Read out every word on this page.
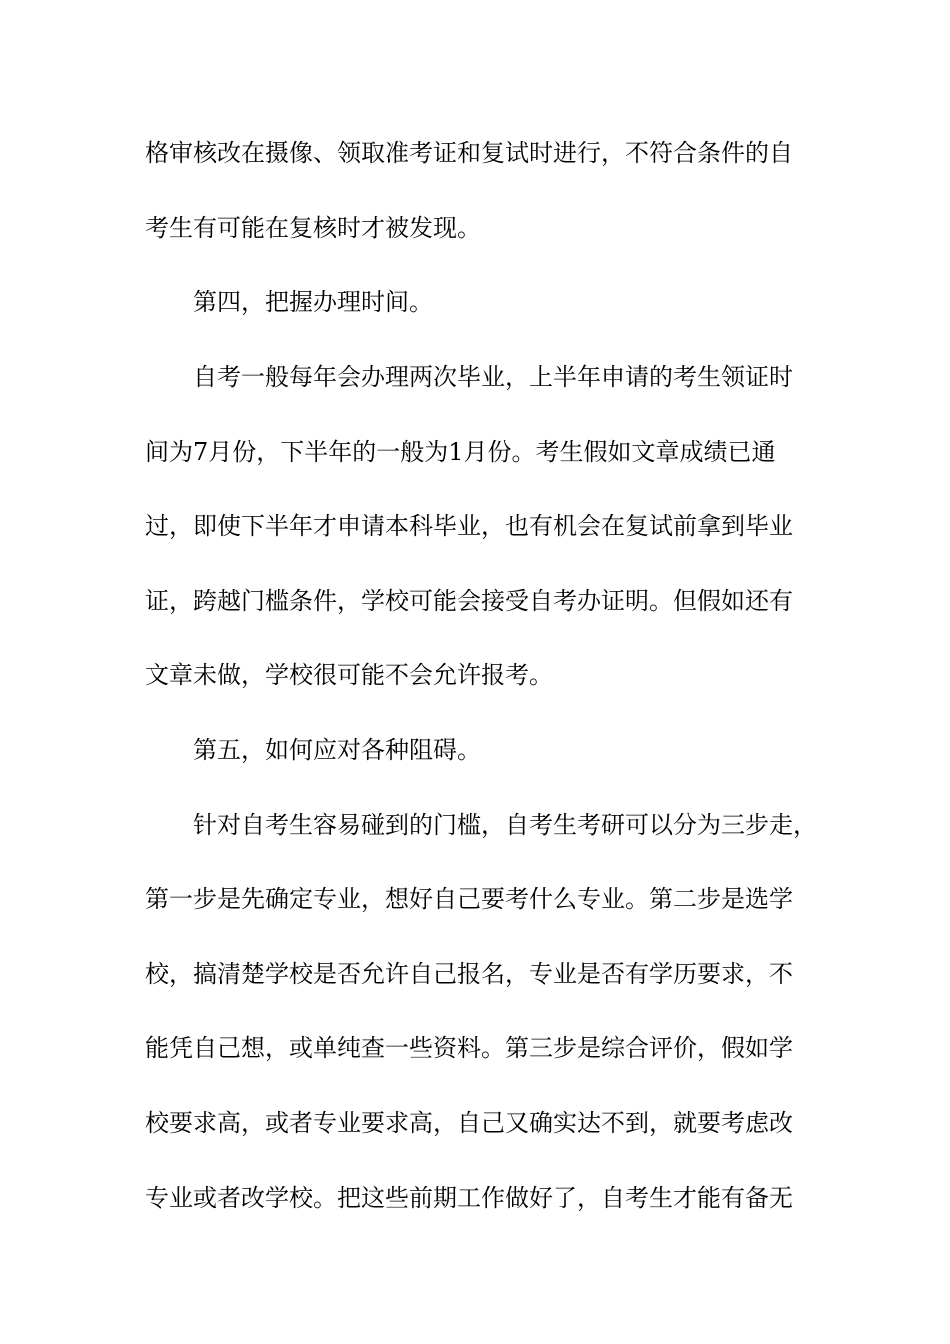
格审核改在摄像、领取准考证和复试时进行，不符合条件的自
考生有可能在复核时才被发现。
第四，把握办理时间。
自考一般每年会办理两次毕业，上半年申请的考生领证时
间为7月份，下半年的一般为1月份。考生假如文章成绩已通
过，即使下半年才申请本科毕业，也有机会在复试前拿到毕业
证，跨越门槛条件，学校可能会接受自考办证明。但假如还有
文章未做，学校很可能不会允许报考。
第五，如何应对各种阻碍。
针对自考生容易碰到的门槛，自考生考研可以分为三步走，
第一步是先确定专业，想好自己要考什么专业。第二步是选学
校，搞清楚学校是否允许自己报名，专业是否有学历要求，不
能凭自己想，或单纯查一些资料。第三步是综合评价，假如学
校要求高，或者专业要求高，自己又确实达不到，就要考虑改
专业或者改学校。把这些前期工作做好了，自考生才能有备无
